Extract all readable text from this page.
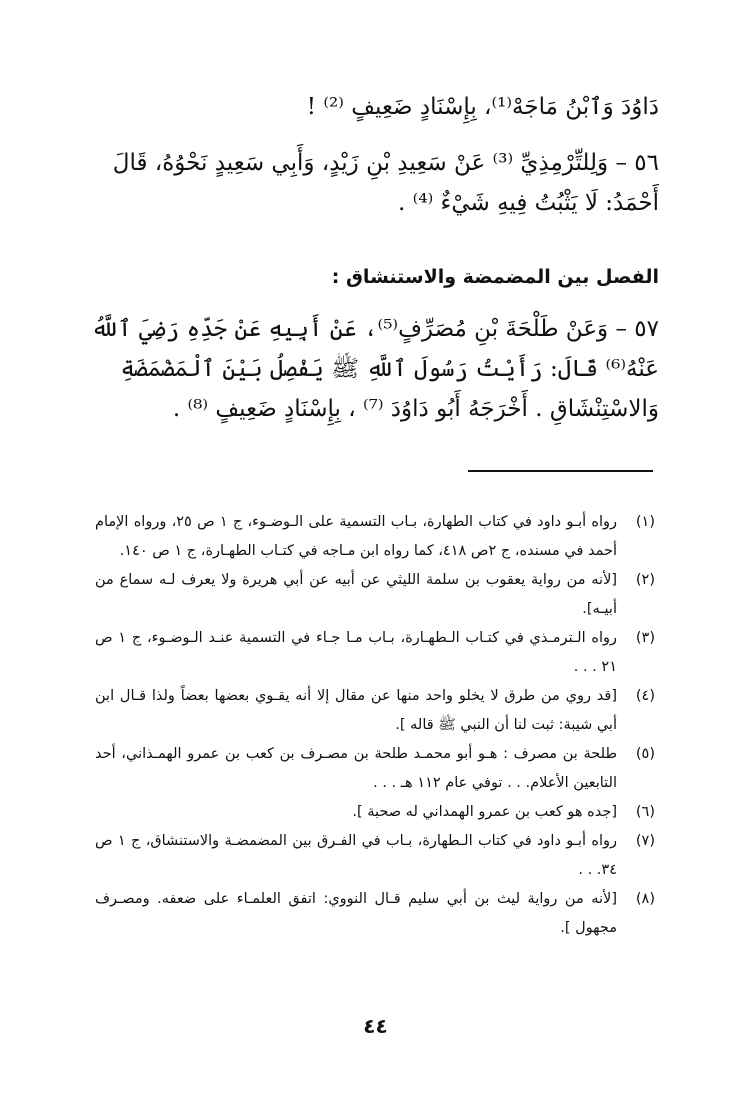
دَاوُدَ وَٱبْنُ مَاجَهْ⁽¹⁾، بِإِسْنَادٍ ضَعِيفٍ ⁽²⁾ !
٥٦ – وَلِلتِّرْمِذِيِّ ⁽³⁾ عَنْ سَعِيدِ بْنِ زَيْدٍ، وَأَبِي سَعِيدٍ نَحْوُهُ، قَالَ
أَحْمَدُ: لَا يَثْبُتُ فِيهِ شَيْءٌ ⁽⁴⁾ .
الفصل بين المضمضة والاستنشاق :
٥٧ – وَعَنْ طَلْحَةَ بْنِ مُصَرِّفٍ⁽⁵⁾، عَنْ أَبِيهِ عَنْ جَدِّهِ رَضِيَ ٱللَّهُ
عَنْهُ⁽⁶⁾ قَالَ: رَأَيْتُ رَسُولَ ٱللَّهِ ﷺ يَفْصِلُ بَيْنَ ٱلْمَضْمَضَةِ
وَالاسْتِنْشَاقِ . أَخْرَجَهُ أَبُو دَاوُدَ ⁽⁷⁾ ، بِإِسْنَادٍ ضَعِيفٍ ⁽⁸⁾ .
(١)
رواه أبـو داود في كتاب الطهارة، بـاب التسمية على الـوضـوء، ج ١ ص ٢٥، ورواه الإمام أحمد في مسنده، ج ٢ص ٤١٨، كما رواه ابن مـاجه في كتـاب الطهـارة، ج ١ ص ١٤٠.
(٢)
[لأنه من رواية يعقوب بن سلمة الليثي عن أبيه عن أبي هريرة ولا يعرف لـه سماع من أبيـه].
(٣)
رواه الـترمـذي في كتـاب الـطهـارة، بـاب مـا جـاء في التسمية عنـد الـوضـوء، ج ١ ص ٢١ . . .
(٤)
[قد روي من طرق لا يخلو واحد منها عن مقال إلا أنه يقـوي بعضها بعضاً ولذا قـال ابن أبي شيبة: ثبت لنا أن النبي ﷺ قاله ].
(٥)
طلحة بن مصرف : هـو أبو محمـد طلحة بن مصـرف بن كعب بن عمرو الهمـذاني، أحد التابعين الأعلام. . . توفي عام ١١٢ هـ . . .
(٦)
[جده هو كعب بن عمرو الهمداني له صحبة ].
(٧)
رواه أبـو داود في كتاب الـطهارة، بـاب في الفـرق بين المضمضـة والاستنشاق، ج ١ ص ٣٤. . .
(٨)
[لأنه من رواية ليث بن أبي سليم قـال النووي: اتفق العلمـاء على ضعفه. ومصـرف مجهول ].
٤٤
